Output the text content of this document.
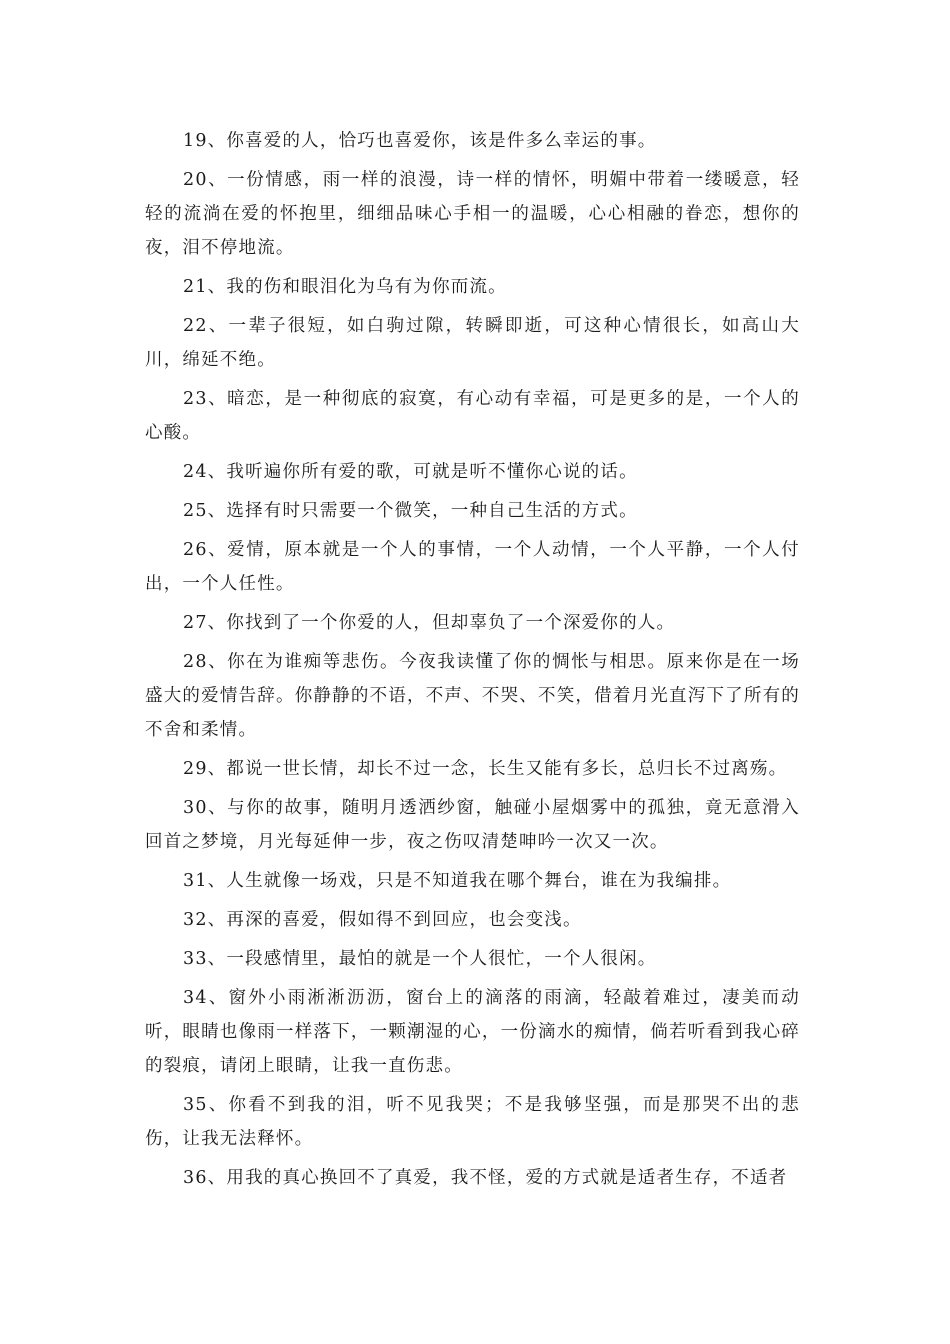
19、你喜爱的人，恰巧也喜爱你，该是件多么幸运的事。

20、一份情感，雨一样的浪漫，诗一样的情怀，明媚中带着一缕暖意，轻轻的流淌在爱的怀抱里，细细品味心手相一的温暖，心心相融的眷恋，想你的夜，泪不停地流。

21、我的伤和眼泪化为乌有为你而流。

22、一辈子很短，如白驹过隙，转瞬即逝，可这种心情很长，如高山大川，绵延不绝。

23、暗恋，是一种彻底的寂寞，有心动有幸福，可是更多的是，一个人的心酸。

24、我听遍你所有爱的歌，可就是听不懂你心说的话。

25、选择有时只需要一个微笑，一种自己生活的方式。

26、爱情，原本就是一个人的事情，一个人动情，一个人平静，一个人付出，一个人任性。

27、你找到了一个你爱的人，但却辜负了一个深爱你的人。

28、你在为谁痴等悲伤。今夜我读懂了你的惆怅与相思。原来你是在一场盛大的爱情告辞。你静静的不语，不声、不哭、不笑，借着月光直泻下了所有的不舍和柔情。

29、都说一世长情，却长不过一念，长生又能有多长，总归长不过离殇。

30、与你的故事，随明月透洒纱窗，触碰小屋烟雾中的孤独，竟无意滑入回首之梦境，月光每延伸一步，夜之伤叹清楚呻吟一次又一次。

31、人生就像一场戏，只是不知道我在哪个舞台，谁在为我编排。

32、再深的喜爱，假如得不到回应，也会变浅。

33、一段感情里，最怕的就是一个人很忙，一个人很闲。

34、窗外小雨淅淅沥沥，窗台上的滴落的雨滴，轻敲着难过，凄美而动听，眼睛也像雨一样落下，一颗潮湿的心，一份滴水的痴情，倘若听看到我心碎的裂痕，请闭上眼睛，让我一直伤悲。

35、你看不到我的泪，听不见我哭；不是我够坚强，而是那哭不出的悲伤，让我无法释怀。

36、用我的真心换回不了真爱，我不怪，爱的方式就是适者生存，不适者
